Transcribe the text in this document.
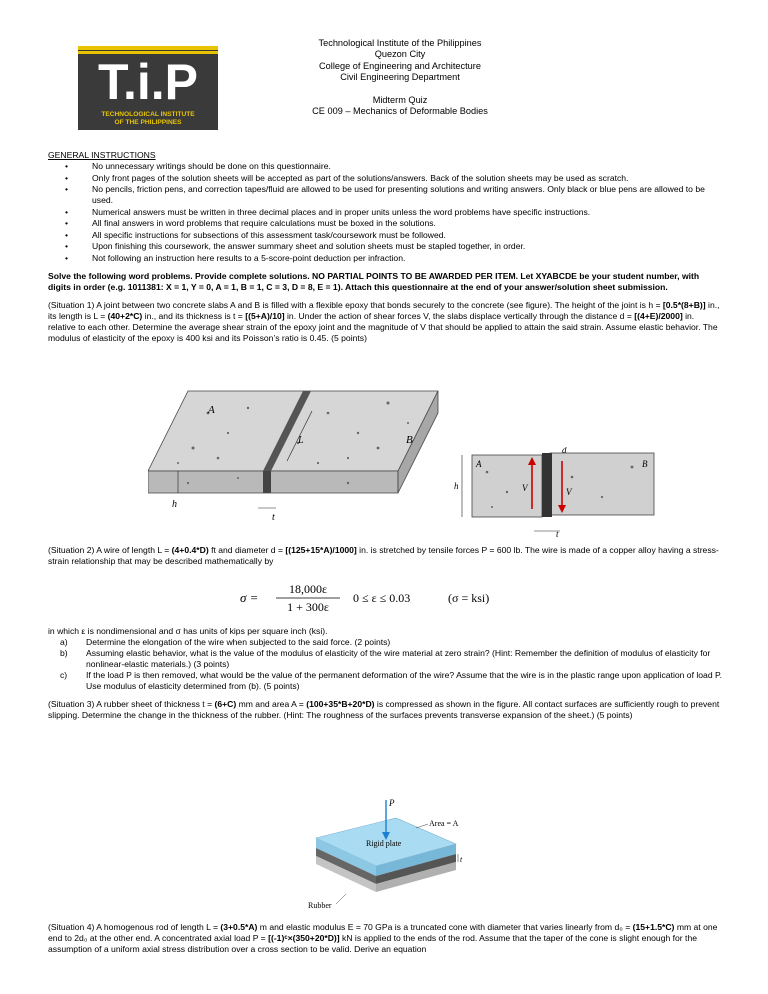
T.i.P
TECHNOLOGICAL INSTITUTE
OF THE PHILIPPINES
Technological Institute of the Philippines
Quezon City
College of Engineering and Architecture
Civil Engineering Department
Midterm Quiz
CE 009 – Mechanics of Deformable Bodies

GENERAL INSTRUCTIONS

• No unnecessary writings should be done on this questionnaire.
• Only front pages of the solution sheets will be accepted as part of the solutions/answers. Back of the solution sheets may be used as scratch.
• No pencils, friction pens, and correction tapes/fluid are allowed to be used for presenting solutions and writing answers. Only black or blue pens are allowed to be used.
• Numerical answers must be written in three decimal places and in proper units unless the word problems have specific instructions.
• All final answers in word problems that require calculations must be boxed in the solutions.
• All specific instructions for subsections of this assessment task/coursework must be followed.
• Upon finishing this coursework, the answer summary sheet and solution sheets must be stapled together, in order.
• Not following an instruction here results to a 5-score-point deduction per infraction.

Solve the following word problems. Provide complete solutions. NO PARTIAL POINTS TO BE AWARDED PER ITEM. Let XYABCDE be your student number, with digits in order (e.g. 1011381: X = 1, Y = 0, A = 1, B = 1, C = 3, D = 8, E = 1). Attach this questionnaire at the end of your answer/solution sheet submission.

(Situation 1) A joint between two concrete slabs A and B is filled with a flexible epoxy that bonds securely to the concrete (see figure). The height of the joint is h = [0.5*(8+B)] in., its length is L = (40+2*C) in., and its thickness is t = [(5+A)/10] in. Under the action of shear forces V, the slabs displace vertically through the distance d = [(4+E)/2000] in. relative to each other. Determine the average shear strain of the epoxy joint and the magnitude of V that should be applied to attain the said strain. Assume elastic behavior. The modulus of elasticity of the epoxy is 400 ksi and its Poisson’s ratio is 0.45. (5 points)

A
B
L
h
t
A	B
h	V	V
d
t

(Situation 2) A wire of length L = (4+0.4*D) ft and diameter d = [(125+15*A)/1000] in. is stretched by tensile forces P = 600 lb. The wire is made of a copper alloy having a stress-strain relationship that may be described mathematically by

σ =
18,000ε
1 + 300ε
0 ≤ ε ≤ 0.03	(σ = ksi)

in which ε is nondimensional and σ has units of kips per square inch (ksi).

a) Determine the elongation of the wire when subjected to the said force. (2 points)
b) Assuming elastic behavior, what is the value of the modulus of elasticity of the wire material at zero strain? (Hint: Remember the definition of modulus of elasticity for nonlinear-elastic materials.) (3 points)
c) If the load P is then removed, what would be the value of the permanent deformation of the wire? Assume that the wire is in the plastic range upon application of load P. Use modulus of elasticity determined from (b). (5 points)

(Situation 3) A rubber sheet of thickness t = (6+C) mm and area A = (100+35*B+20*D) is compressed as shown in the figure. All contact surfaces are sufficiently rough to prevent slipping. Determine the change in the thickness of the rubber. (Hint: The roughness of the surfaces prevents transverse expansion of the sheet.) (5 points)

P
Area = A
Rigid plate
t
Rubber

(Situation 4) A homogenous rod of length L = (3+0.5*A) m and elastic modulus E = 70 GPa is a truncated cone with diameter that varies linearly from d₀ = (15+1.5*C) mm at one end to 2d₀ at the other end. A concentrated axial load P = [(-1)ᶜ×(350+20*D)] kN is applied to the ends of the rod. Assume that the taper of the cone is slight enough for the assumption of a uniform axial stress distribution over a cross section to be valid. Derive an equation
